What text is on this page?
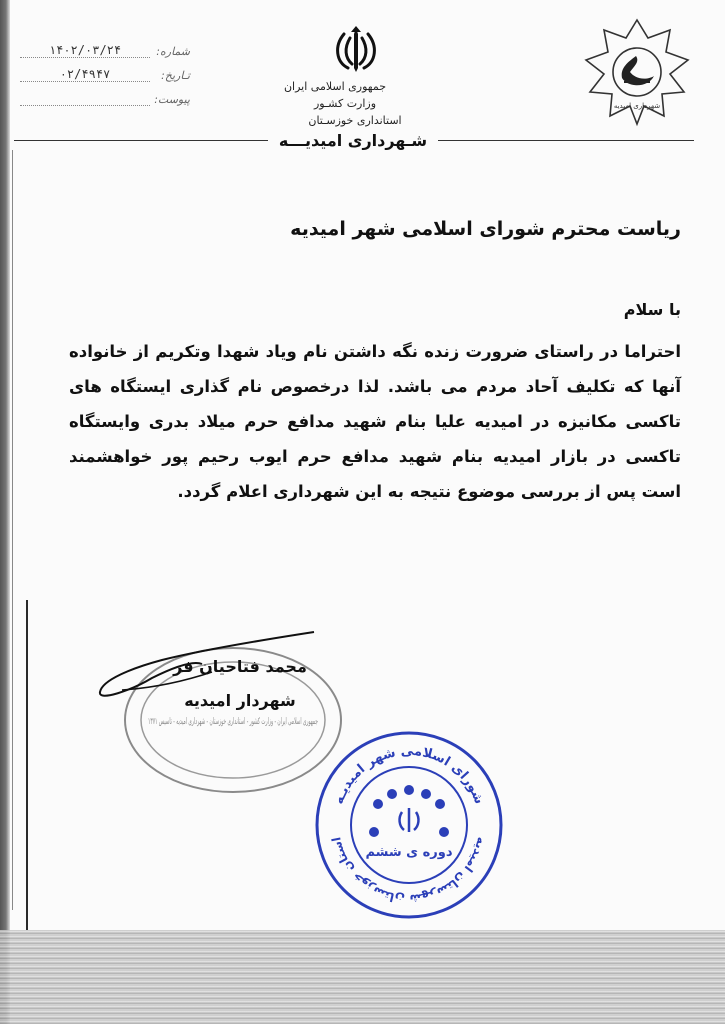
شماره:
۱۴۰۲/۰۳/۲۴
تـاريخ:
۰۲/۴۹۴۷
پيوست:
جمهوری اسلامی ایران
وزارت کشـور
استانداری خوزسـتان
شـهرداری امیدیـــه
شهرداری امیدیه
ریاست محترم شورای اسلامی شهر امیدیه
با سلام
احتراما در راستای ضرورت زنده نگه داشتن نام وياد شهدا وتکريم از خانواده آنها که تکليف آحاد مردم می باشد. لذا درخصوص نام گذاری ايستگاه های تاکسی مکانيزه در اميديه عليا بنام شهيد مدافع حرم ميلاد بدری وايستگاه تاکسی در بازار اميديه بنام شهيد مدافع حرم ايوب رحيم پور خواهشمند است پس از بررسی موضوع نتيجه به اين شهرداری اعلام گردد.
جمهوری اسلامی ایران - وزارت کشور - استانداری خوزستان - شهرداری امیدیه - تاسیس ۱۳۷۱
محمد فتاحیان فر
شهردار امیدیه
شورای اسلامی شهر امیدیـه
استان خوزستان شهرستان امیدیه
دوره ی ششم
